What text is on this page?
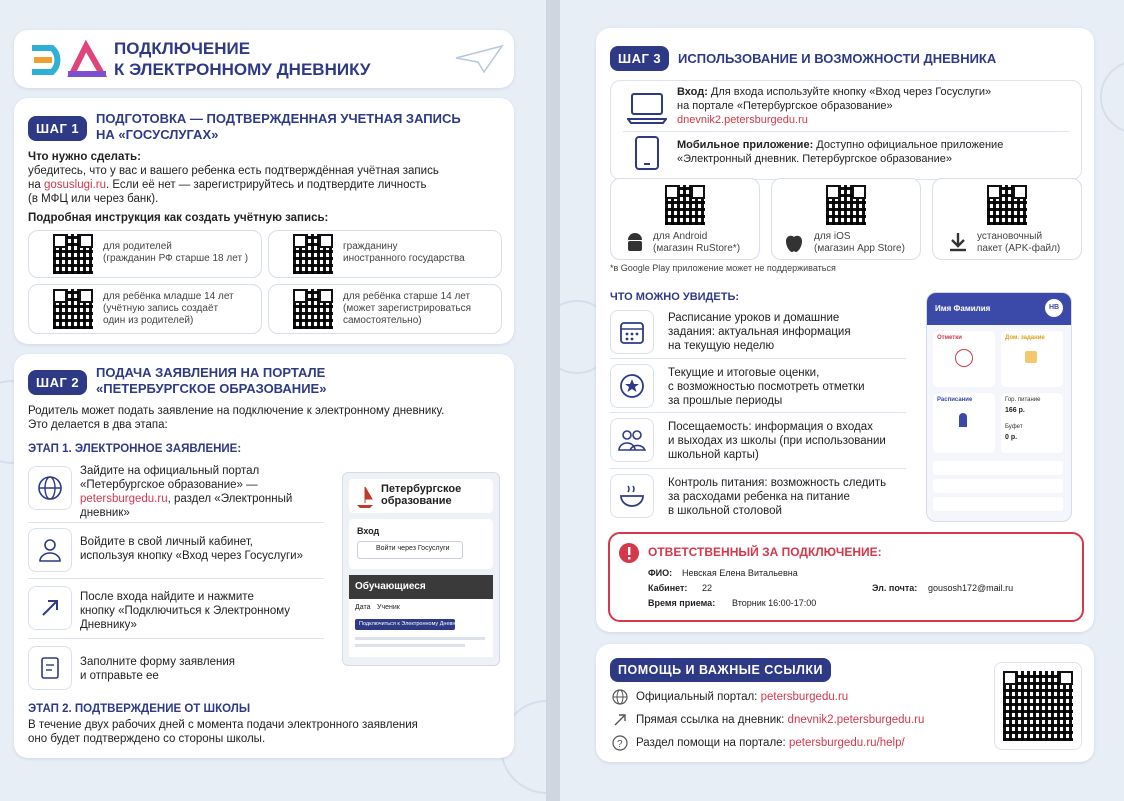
ПОДКЛЮЧЕНИЕ
К ЭЛЕКТРОННОМУ ДНЕВНИКУ
ШАГ 1
ПОДГОТОВКА — ПОДТВЕРЖДЕННАЯ УЧЕТНАЯ ЗАПИСЬ
НА «ГОСУСЛУГАХ»
Что нужно сделать:
убедитесь, что у вас и вашего ребенка есть подтверждённая учётная запись
на gosuslugi.ru. Если её нет — зарегистрируйтесь и подтвердите личность
(в МФЦ или через банк).
Подробная инструкция как создать учётную запись:
для родителей
(гражданин РФ старше 18 лет )
гражданину
иностранного государства
для ребёнка младше 14 лет
(учётную запись создаёт
один из родителей)
для ребёнка старше 14 лет
(может зарегистрироваться
самостоятельно)
ШАГ 2
ПОДАЧА ЗАЯВЛЕНИЯ НА ПОРТАЛЕ
«ПЕТЕРБУРГСКОЕ ОБРАЗОВАНИЕ»
Родитель может подать заявление на подключение к электронному дневнику.
Это делается в два этапа:
ЭТАП 1. ЭЛЕКТРОННОЕ ЗАЯВЛЕНИЕ:
Зайдите на официальный портал
«Петербургское образование» —
petersburgedu.ru, раздел «Электронный
дневник»
Войдите в свой личный кабинет,
используя кнопку «Вход через Госуслуги»
После входа найдите и нажмите
кнопку «Подключиться к Электронному
Дневнику»
Заполните форму заявления
и отправьте ее
ЭТАП 2. ПОДТВЕРЖДЕНИЕ ОТ ШКОЛЫ
В течение двух рабочих дней с момента подачи электронного заявления
оно будет подтверждено со стороны школы.
Петербургское
образование
Вход
Войти через Госуслуги
Обучающиеся
Дата Ученик
Подключиться к Электронному Дневнику
ШАГ 3	ИСПОЛЬЗОВАНИЕ И ВОЗМОЖНОСТИ ДНЕВНИКА
Вход: Для входа используйте кнопку «Вход через Госуслуги»
на портале «Петербургское образование»
dnevnik2.petersburgedu.ru
Мобильное приложение: Доступно официальное приложение
«Электронный дневник. Петербургское образование»
для Android
(магазин RuStore*)
для iOS
(магазин App Store)
установочный
пакет (APK-файл)
*в Google Play приложение может не поддерживаться
ЧТО МОЖНО УВИДЕТЬ:
Расписание уроков и домашние
задания: актуальная информация
на текущую неделю
Текущие и итоговые оценки,
с возможностью посмотреть отметки
за прошлые периоды
Посещаемость: информация о входах
и выходах из школы (при использовании
школьной карты)
Контроль питания: возможность следить
за расходами ребенка на питание
в школьной столовой
Имя Фамилия	НВ
Отметки	Дом. задание
Расписание	Гор. питание
166 р.
Буфет
0 р.
ОТВЕТСТВЕННЫЙ ЗА ПОДКЛЮЧЕНИЕ:
ФИО: Невская Елена Витальевна
Кабинет: 22	Эл. почта: gousosh172@mail.ru
Время приема: Вторник 16:00-17:00
ПОМОЩЬ И ВАЖНЫЕ ССЫЛКИ
Официальный портал: petersburgedu.ru
Прямая ссылка на дневник: dnevnik2.petersburgedu.ru
? Раздел помощи на портале: petersburgedu.ru/help/
